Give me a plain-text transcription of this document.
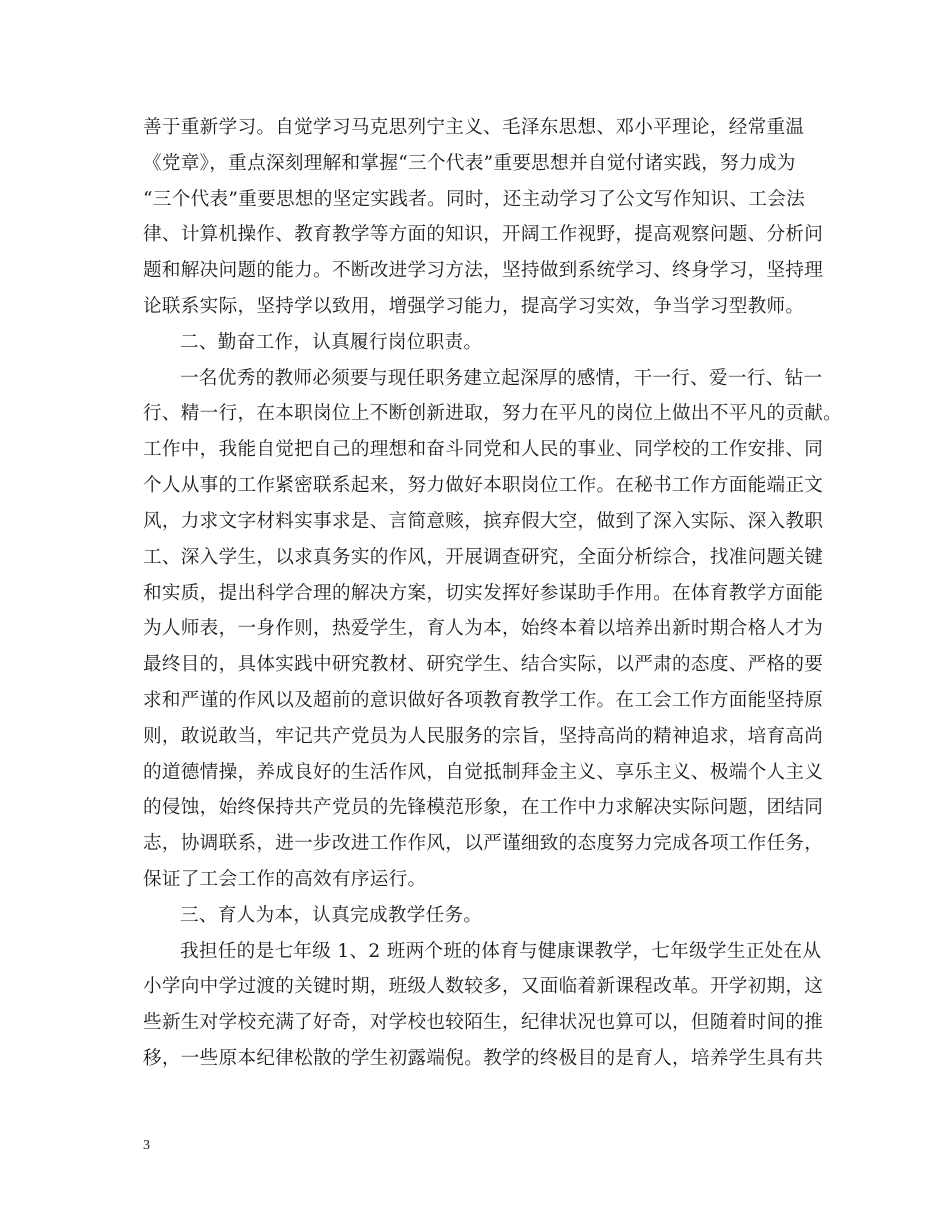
善于重新学习。自觉学习马克思列宁主义、毛泽东思想、邓小平理论，经常重温
《党章》，重点深刻理解和掌握“三个代表”重要思想并自觉付诸实践，努力成为
“三个代表”重要思想的坚定实践者。同时，还主动学习了公文写作知识、工会法
律、计算机操作、教育教学等方面的知识，开阔工作视野，提高观察问题、分析问
题和解决问题的能力。不断改进学习方法，坚持做到系统学习、终身学习，坚持理
论联系实际，坚持学以致用，增强学习能力，提高学习实效，争当学习型教师。
二、勤奋工作，认真履行岗位职责。
一名优秀的教师必须要与现任职务建立起深厚的感情，干一行、爱一行、钻一
行、精一行，在本职岗位上不断创新进取，努力在平凡的岗位上做出不平凡的贡献。
工作中，我能自觉把自己的理想和奋斗同党和人民的事业、同学校的工作安排、同
个人从事的工作紧密联系起来，努力做好本职岗位工作。在秘书工作方面能端正文
风，力求文字材料实事求是、言简意赅，摈弃假大空，做到了深入实际、深入教职
工、深入学生，以求真务实的作风，开展调查研究，全面分析综合，找准问题关键
和实质，提出科学合理的解决方案，切实发挥好参谋助手作用。在体育教学方面能
为人师表，一身作则，热爱学生，育人为本，始终本着以培养出新时期合格人才为
最终目的，具体实践中研究教材、研究学生、结合实际，以严肃的态度、严格的要
求和严谨的作风以及超前的意识做好各项教育教学工作。在工会工作方面能坚持原
则，敢说敢当，牢记共产党员为人民服务的宗旨，坚持高尚的精神追求，培育高尚
的道德情操，养成良好的生活作风，自觉抵制拜金主义、享乐主义、极端个人主义
的侵蚀，始终保持共产党员的先锋模范形象，在工作中力求解决实际问题，团结同
志，协调联系，进一步改进工作作风，以严谨细致的态度努力完成各项工作任务，
保证了工会工作的高效有序运行。
三、育人为本，认真完成教学任务。
我担任的是七年级 1、2 班两个班的体育与健康课教学，七年级学生正处在从
小学向中学过渡的关键时期，班级人数较多，又面临着新课程改革。开学初期，这
些新生对学校充满了好奇，对学校也较陌生，纪律状况也算可以，但随着时间的推
移，一些原本纪律松散的学生初露端倪。教学的终极目的是育人，培养学生具有共
3
